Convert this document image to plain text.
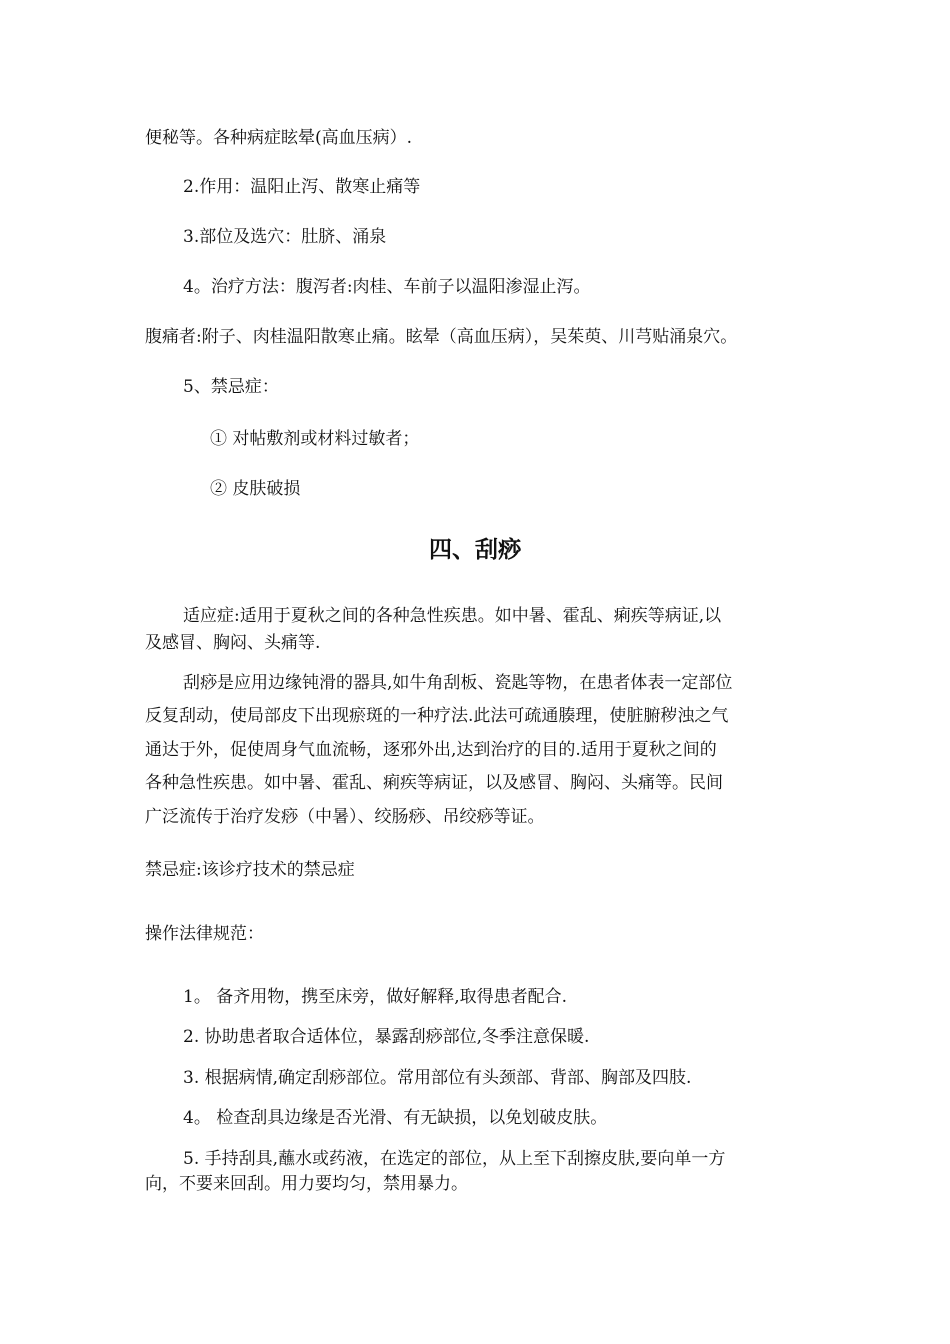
便秘等。各种病症眩晕(高血压病）.
2.作用：温阳止泻、散寒止痛等
3.部位及选穴：肚脐、涌泉
4。治疗方法：腹泻者:肉桂、车前子以温阳渗湿止泻。
腹痛者:附子、肉桂温阳散寒止痛。眩晕（高血压病），吴茱萸、川芎贴涌泉穴。
5、禁忌症：
① 对帖敷剂或材料过敏者；
② 皮肤破损
四、刮痧
适应症:适用于夏秋之间的各种急性疾患。如中暑、霍乱、痢疾等病证,以
及感冒、胸闷、头痛等.
刮痧是应用边缘钝滑的器具,如牛角刮板、瓷匙等物，在患者体表一定部位
反复刮动，使局部皮下出现瘀斑的一种疗法.此法可疏通腠理，使脏腑秽浊之气
通达于外，促使周身气血流畅，逐邪外出,达到治疗的目的.适用于夏秋之间的
各种急性疾患。如中暑、霍乱、痢疾等病证，以及感冒、胸闷、头痛等。民间
广泛流传于治疗发痧（中暑）、绞肠痧、吊绞痧等证。
禁忌症:该诊疗技术的禁忌症
操作法律规范：
1。 备齐用物，携至床旁，做好解释,取得患者配合.
2. 协助患者取合适体位，暴露刮痧部位,冬季注意保暖.
3. 根据病情,确定刮痧部位。常用部位有头颈部、背部、胸部及四肢.
4。 检查刮具边缘是否光滑、有无缺损，以免划破皮肤。
5. 手持刮具,蘸水或药液，在选定的部位，从上至下刮擦皮肤,要向单一方
向，不要来回刮。用力要均匀，禁用暴力。
